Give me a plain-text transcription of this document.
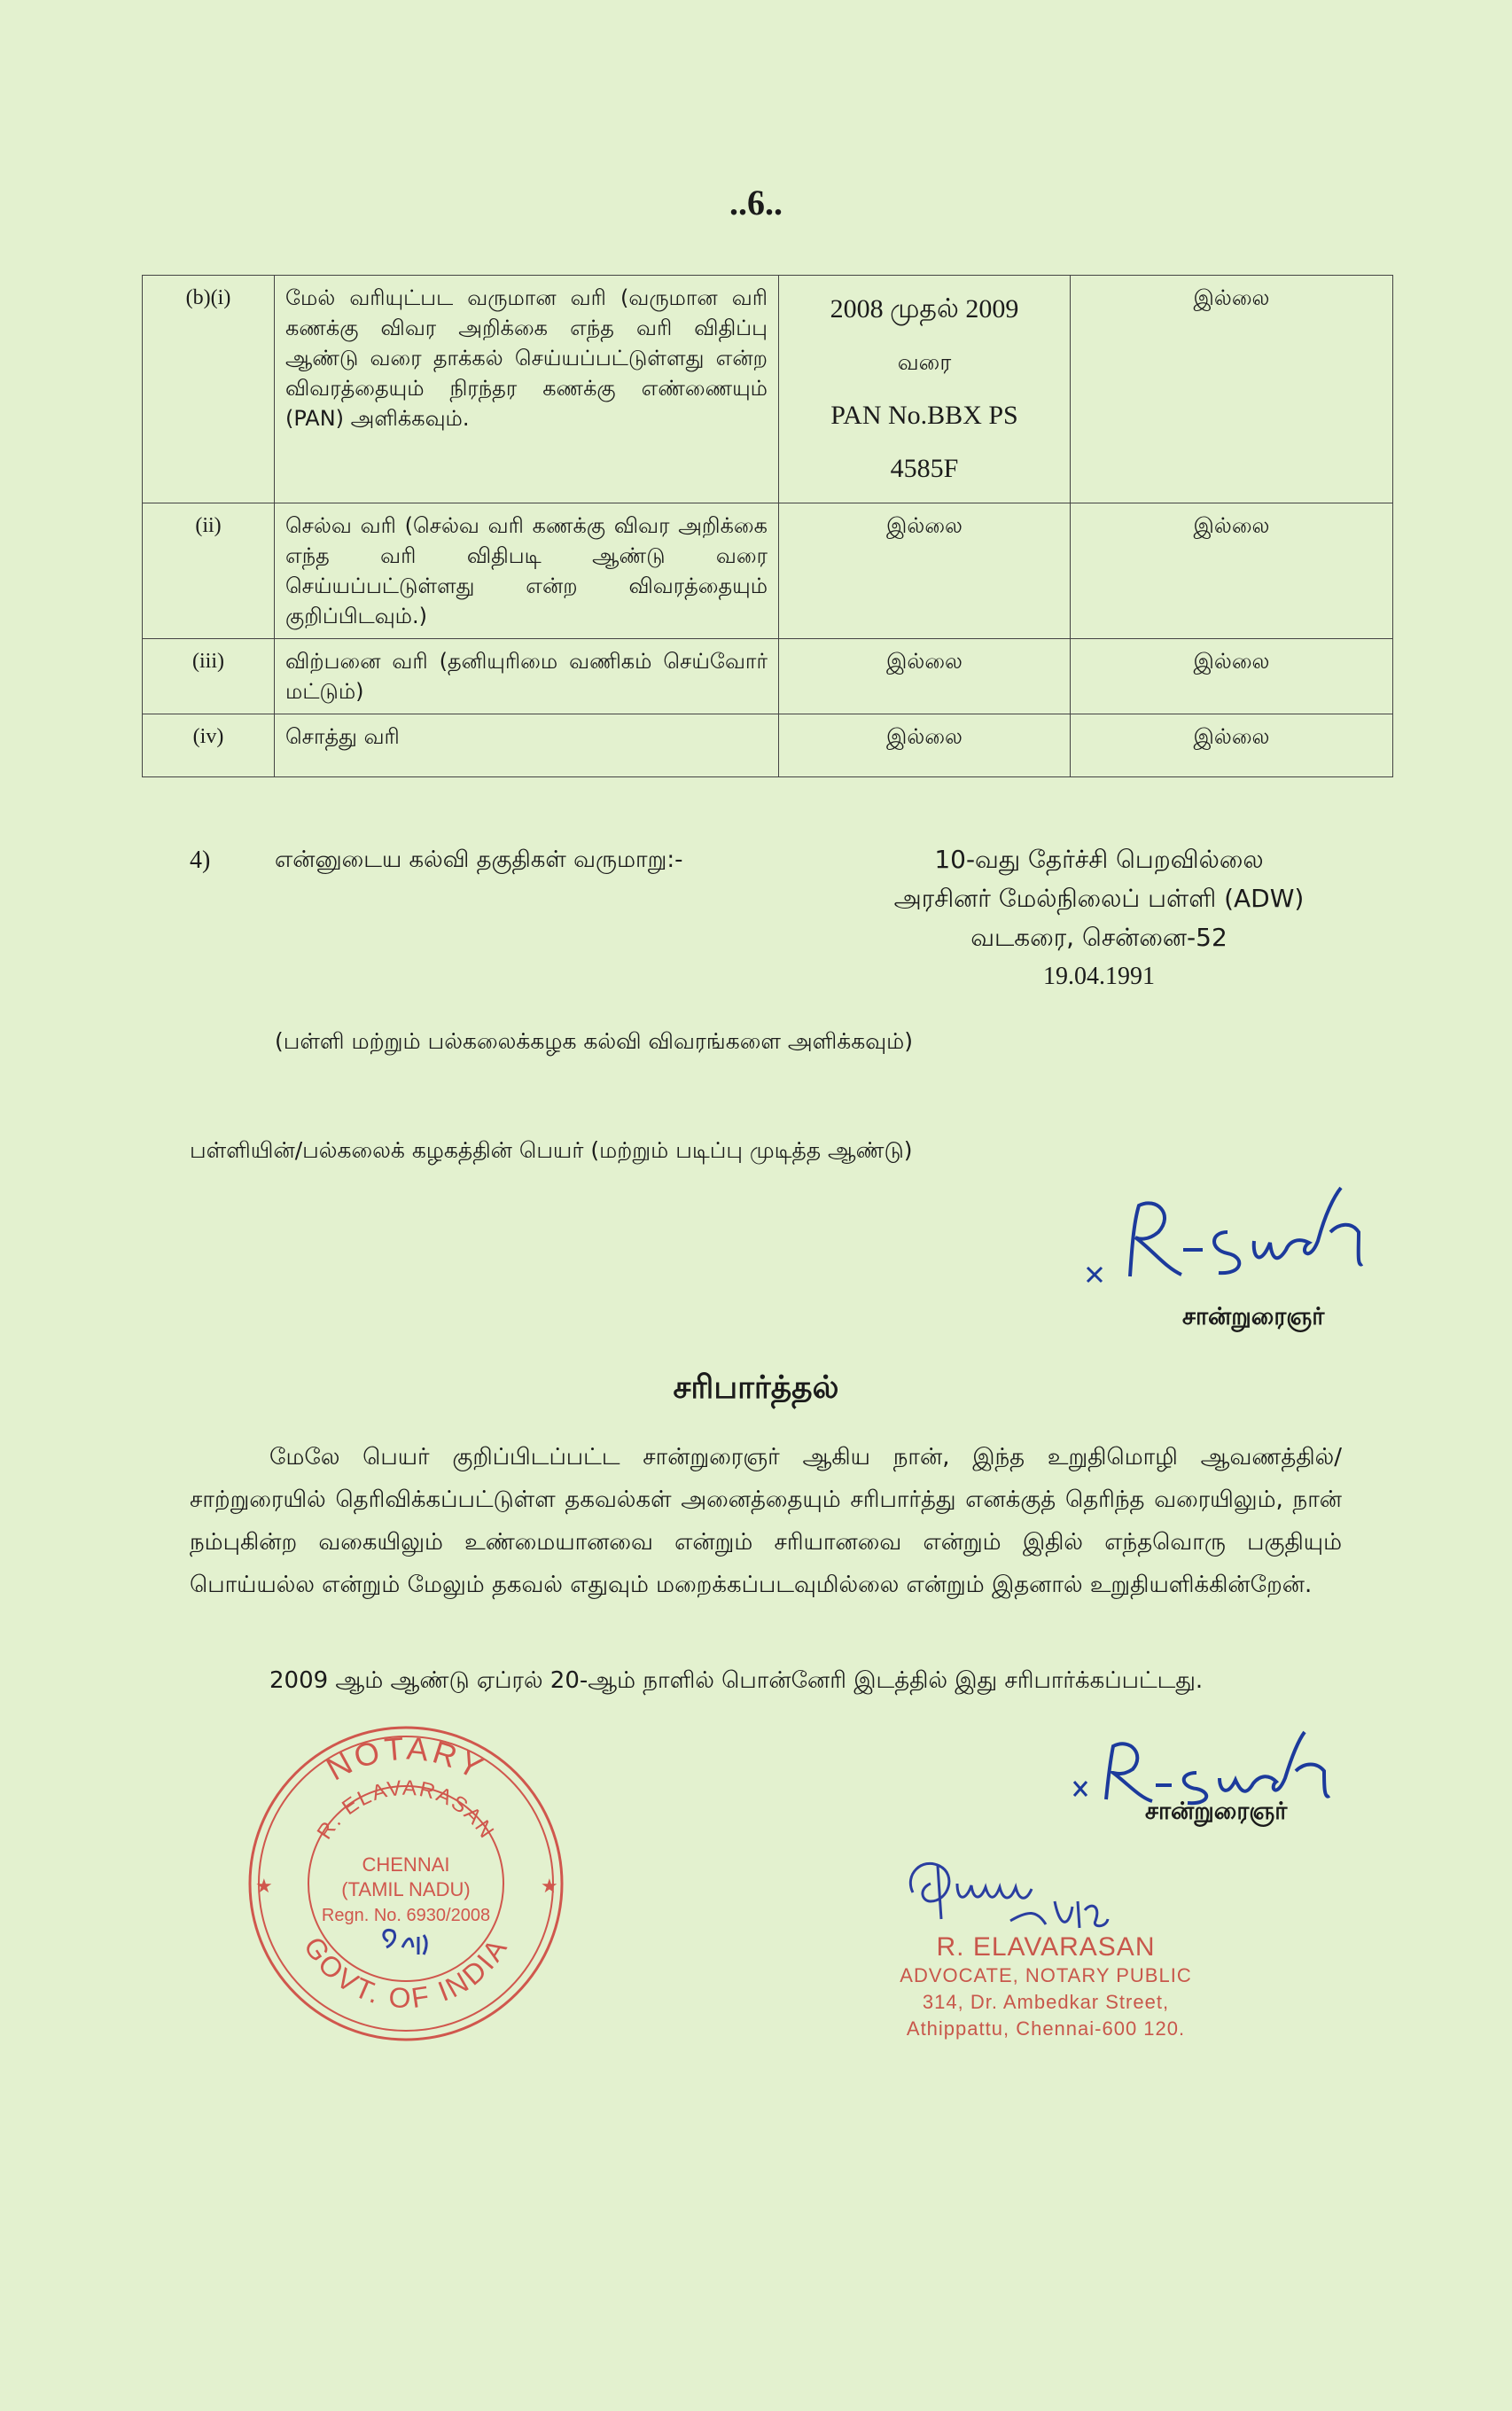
..6..
(b)(i)	மேல் வரியுட்பட வருமான வரி (வருமான வரி கணக்கு விவர அறிக்கை எந்த வரி விதிப்பு ஆண்டு வரை தாக்கல் செய்யப்பட்டுள்ளது என்ற விவரத்தையும் நிரந்தர கணக்கு எண்ணையும் (PAN) அளிக்கவும்.	2008 முதல் 2009
வரை
PAN No.BBX PS
4585F	இல்லை
(ii)	செல்வ வரி (செல்வ வரி கணக்கு விவர அறிக்கை எந்த வரி விதிபடி ஆண்டு வரை செய்யப்பட்டுள்ளது என்ற விவரத்தையும் குறிப்பிடவும்.)	இல்லை	இல்லை
(iii)	விற்பனை வரி (தனியுரிமை வணிகம் செய்வோர் மட்டும்)	இல்லை	இல்லை
(iv)	சொத்து வரி	இல்லை	இல்லை
4)	என்னுடைய கல்வி தகுதிகள் வருமாறு:-	10-வது தேர்ச்சி பெறவில்லை
அரசினர் மேல்நிலைப் பள்ளி (ADW)
வடகரை, சென்னை-52
19.04.1991
(பள்ளி மற்றும் பல்கலைக்கழக கல்வி விவரங்களை அளிக்கவும்)
பள்ளியின்/பல்கலைக் கழகத்தின் பெயர் (மற்றும் படிப்பு முடித்த ஆண்டு)
சான்றுரைஞர்
சரிபார்த்தல்
மேலே பெயர் குறிப்பிடப்பட்ட சான்றுரைஞர் ஆகிய நான், இந்த உறுதிமொழி ஆவணத்தில்/சாற்றுரையில் தெரிவிக்கப்பட்டுள்ள தகவல்கள் அனைத்தையும் சரிபார்த்து எனக்குத் தெரிந்த வரையிலும், நான் நம்புகின்ற வகையிலும் உண்மையானவை என்றும் சரியானவை என்றும் இதில் எந்தவொரு பகுதியும் பொய்யல்ல என்றும் மேலும் தகவல் எதுவும் மறைக்கப்படவுமில்லை என்றும் இதனால் உறுதியளிக்கின்றேன்.
2009 ஆம் ஆண்டு ஏப்ரல் 20-ஆம் நாளில் பொன்னேரி இடத்தில் இது சரிபார்க்கப்பட்டது.
சான்றுரைஞர்
NOTARY
GOVT. OF INDIA
R. ELAVARASAN
CHENNAI
(TAMIL NADU)
Regn. No. 6930/2008
★	★
R. ELAVARASAN
ADVOCATE, NOTARY PUBLIC
314, Dr. Ambedkar Street,
Athippattu, Chennai-600 120.
